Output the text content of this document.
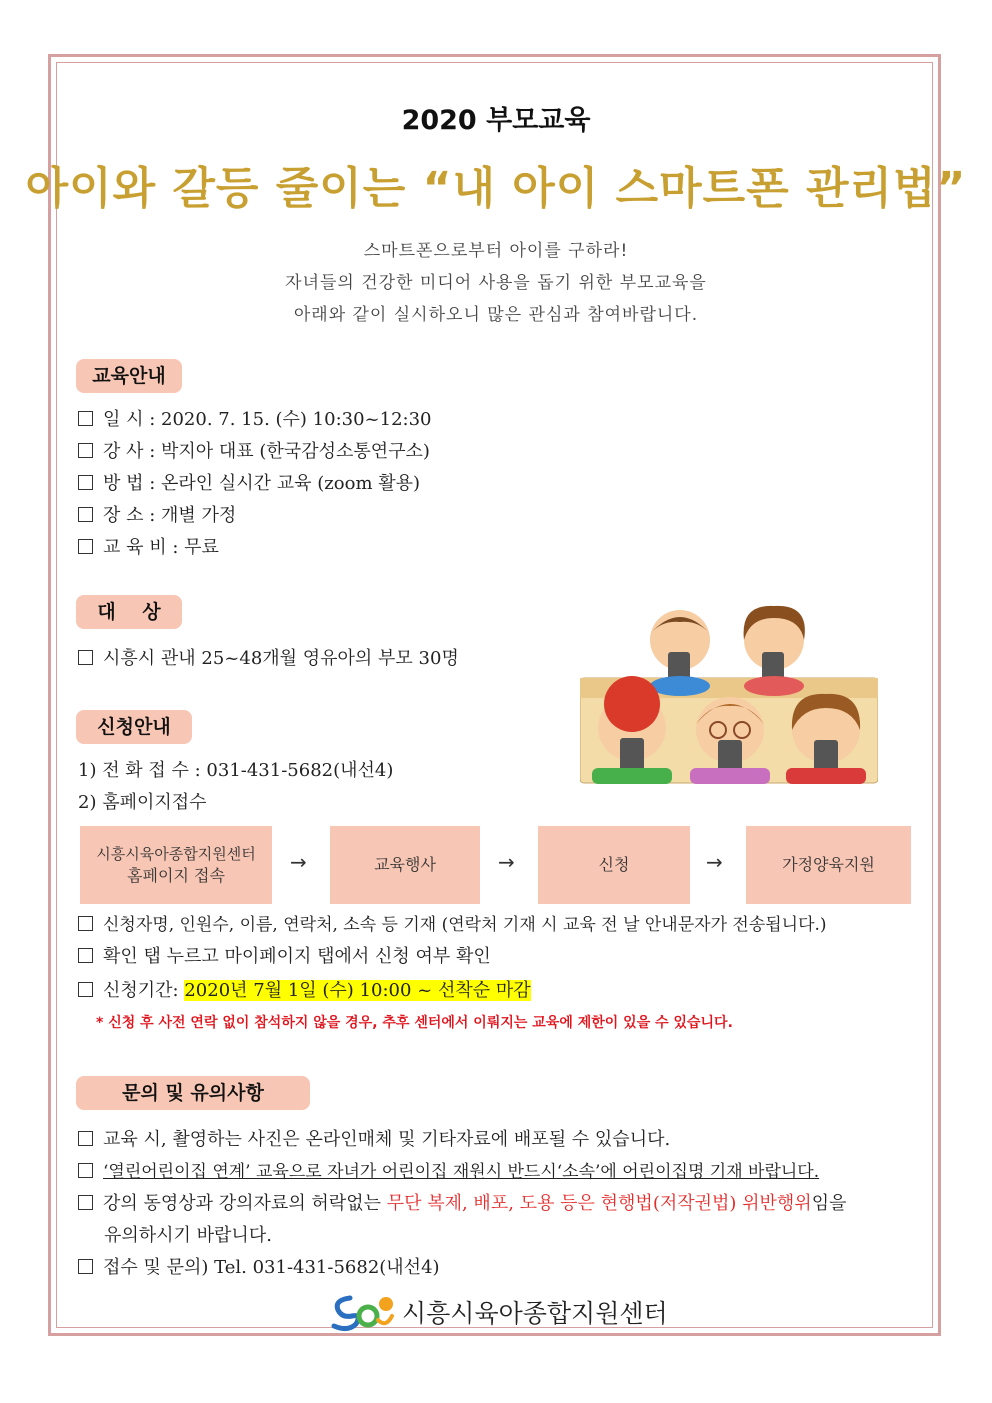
2020 부모교육
아이와 갈등 줄이는 “내 아이 스마트폰 관리법”
스마트폰으로부터 아이를 구하라!
자녀들의 건강한 미디어 사용을 돕기 위한 부모교육을
아래와 같이 실시하오니 많은 관심과 참여바랍니다.
교육안내
일 시 : 2020. 7. 15. (수) 10:30~12:30
강 사 : 박지아 대표 (한국감성소통연구소)
방 법 : 온라인 실시간 교육 (zoom 활용)
장 소 : 개별 가정
교 육 비 : 무료
대    상
시흥시 관내 25~48개월 영유아의 부모 30명
신청안내
1) 전 화 접 수 : 031-431-5682(내선4)
2) 홈페이지접수
시흥시육아종합지원센터
홈페이지 접속
→	교육행사	→	신청	→	가정양육지원
신청자명, 인원수, 이름, 연락처, 소속 등 기재 (연락처 기재 시 교육 전 날 안내문자가 전송됩니다.)
확인 탭 누르고 마이페이지 탭에서 신청 여부 확인
신청기간: 2020년 7월 1일 (수) 10:00 ~ 선착순 마감
* 신청 후 사전 연락 없이 참석하지 않을 경우, 추후 센터에서 이뤄지는 교육에 제한이 있을 수 있습니다.
문의 및 유의사항
교육 시, 촬영하는 사진은 온라인매체 및 기타자료에 배포될 수 있습니다.
‘열린어린이집 연계’ 교육으로 자녀가 어린이집 재원시 반드시‘소속’에 어린이집명 기재 바랍니다.
강의 동영상과 강의자료의 허락없는 무단 복제, 배포, 도용 등은 현행법(저작권법) 위반행위임을
유의하시기 바랍니다.
접수 및 문의) Tel. 031-431-5682(내선4)
시흥시육아종합지원센터
